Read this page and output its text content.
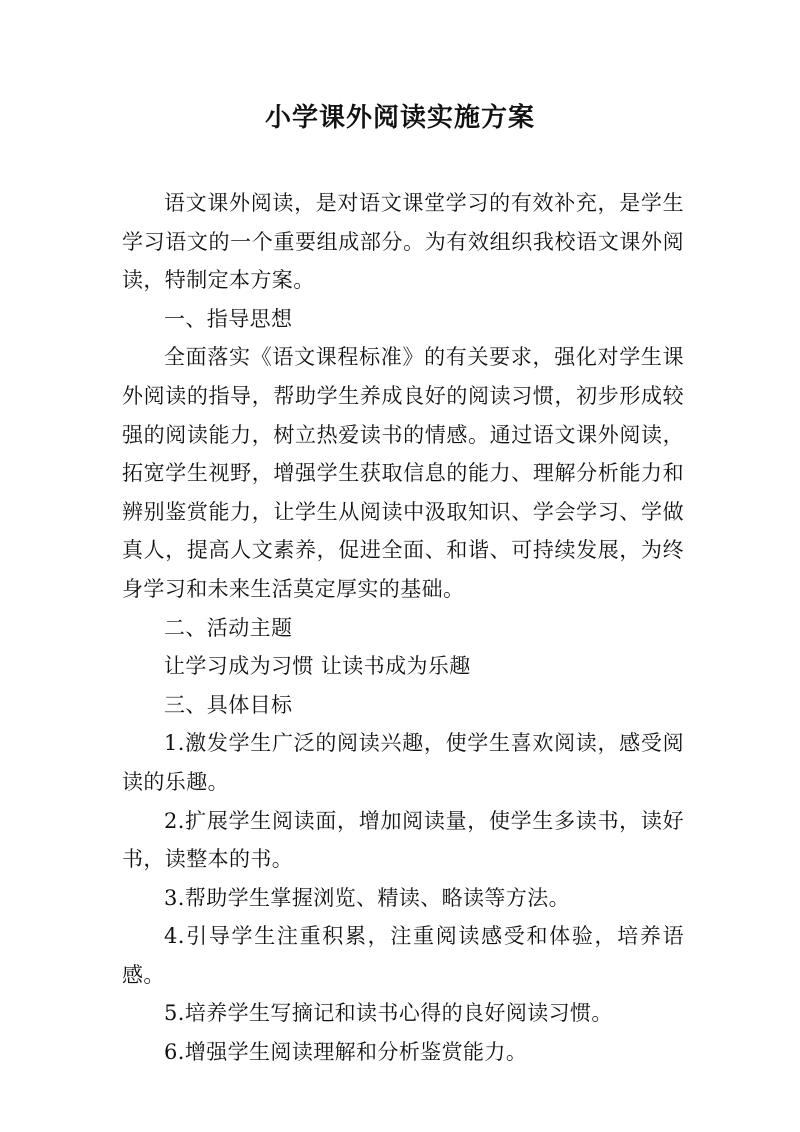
小学课外阅读实施方案

语文课外阅读，是对语文课堂学习的有效补充，是学生学习语文的一个重要组成部分。为有效组织我校语文课外阅读，特制定本方案。

一、指导思想

全面落实《语文课程标准》的有关要求，强化对学生课外阅读的指导，帮助学生养成良好的阅读习惯，初步形成较强的阅读能力，树立热爱读书的情感。通过语文课外阅读，拓宽学生视野，增强学生获取信息的能力、理解分析能力和辨别鉴赏能力，让学生从阅读中汲取知识、学会学习、学做真人，提高人文素养，促进全面、和谐、可持续发展，为终身学习和未来生活莫定厚实的基础。

二、活动主题

让学习成为习惯 让读书成为乐趣

三、具体目标

1.激发学生广泛的阅读兴趣，使学生喜欢阅读，感受阅读的乐趣。

2.扩展学生阅读面，增加阅读量，使学生多读书，读好书，读整本的书。

3.帮助学生掌握浏览、精读、略读等方法。

4.引导学生注重积累，注重阅读感受和体验，培养语感。

5.培养学生写摘记和读书心得的良好阅读习惯。

6.增强学生阅读理解和分析鉴赏能力。
